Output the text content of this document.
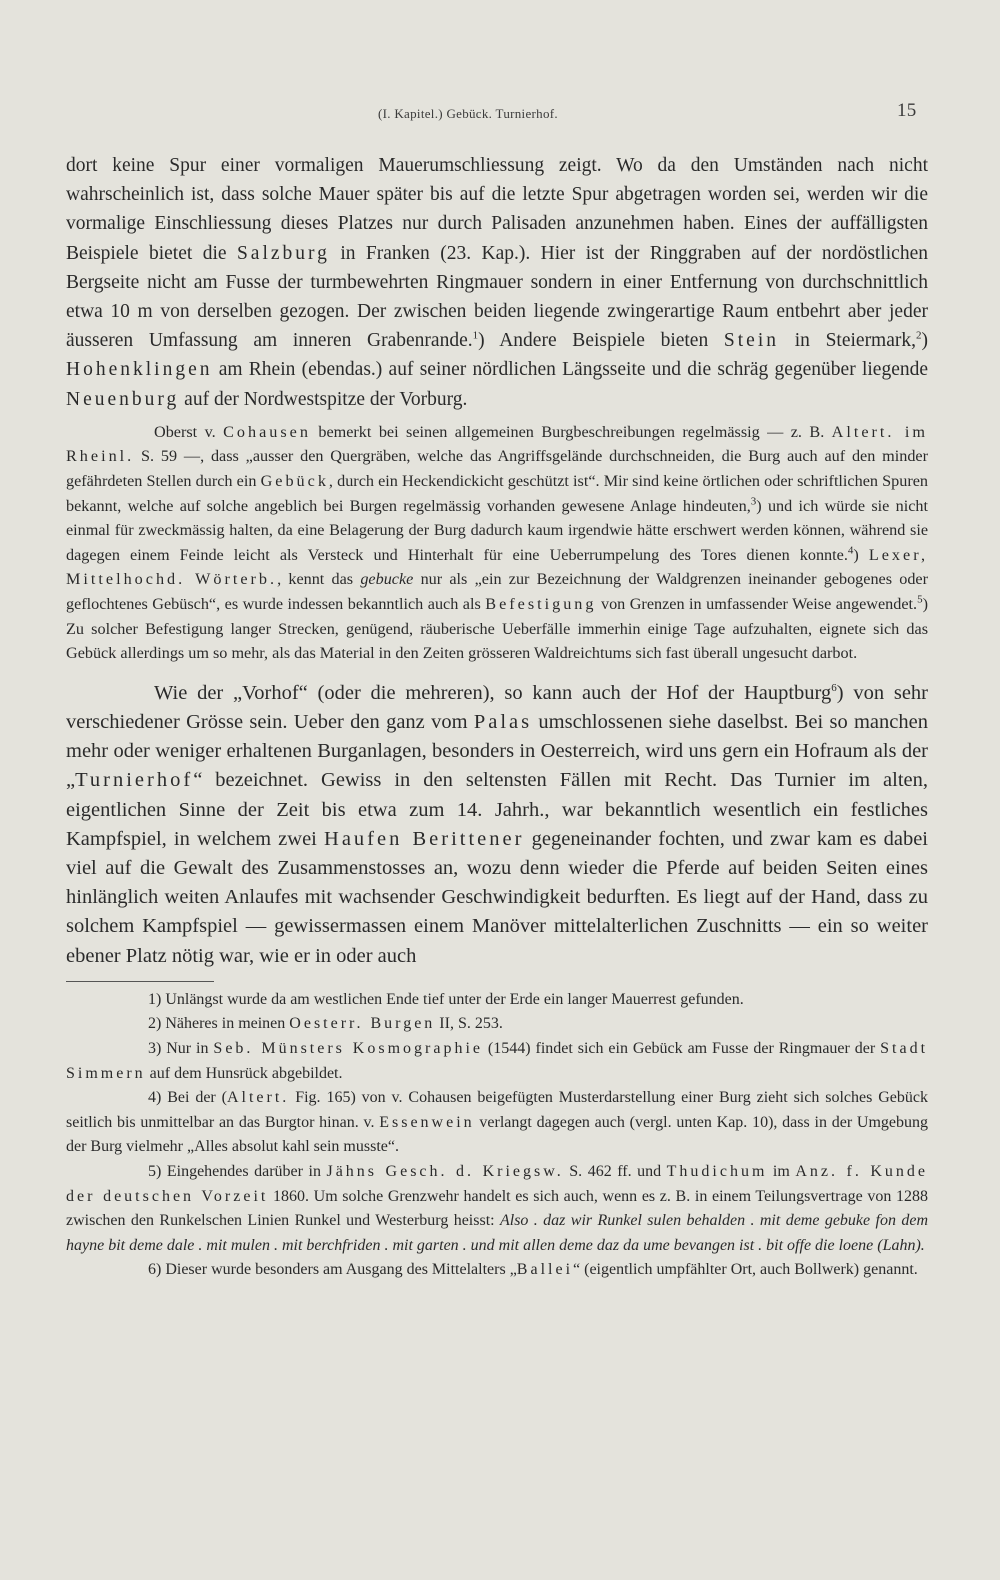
(I. Kapitel.) Gebück. Turnierhof.	15

dort keine Spur einer vormaligen Mauerumschliessung zeigt. Wo da den Umständen nach nicht wahrscheinlich ist, dass solche Mauer später bis auf die letzte Spur abgetragen worden sei, werden wir die vormalige Einschliessung dieses Platzes nur durch Palisaden anzunehmen haben. Eines der auffälligsten Beispiele bietet die Salzburg in Franken (23. Kap.). Hier ist der Ringgraben auf der nordöstlichen Bergseite nicht am Fusse der turmbewehrten Ringmauer sondern in einer Entfernung von durchschnittlich etwa 10 m von derselben gezogen. Der zwischen beiden liegende zwingerartige Raum entbehrt aber jeder äusseren Umfassung am inneren Grabenrande.$^1$) Andere Beispiele bieten Stein in Steiermark,$^2$) Hohenklingen am Rhein (ebendas.) auf seiner nördlichen Längsseite und die schräg gegenüber liegende Neuenburg auf der Nordwestspitze der Vorburg.

Oberst v. Cohausen bemerkt bei seinen allgemeinen Burgbeschreibungen regelmässig — z. B. Altert. im Rheinl. S. 59 —, dass „ausser den Quergräben, welche das Angriffsgelände durchschneiden, die Burg auch auf den minder gefährdeten Stellen durch ein Gebück, durch ein Heckendickicht geschützt ist“. Mir sind keine örtlichen oder schriftlichen Spuren bekannt, welche auf solche angeblich bei Burgen regelmässig vorhanden gewesene Anlage hindeuten,$^3$) und ich würde sie nicht einmal für zweckmässig halten, da eine Belagerung der Burg dadurch kaum irgendwie hätte erschwert werden können, während sie dagegen einem Feinde leicht als Versteck und Hinterhalt für eine Ueberrumpelung des Tores dienen konnte.$^4$) Lexer, Mittelhochd. Wörterb., kennt das gebucke nur als „ein zur Bezeichnung der Waldgrenzen ineinander gebogenes oder geflochtenes Gebüsch“, es wurde indessen bekanntlich auch als Befestigung von Grenzen in umfassender Weise angewendet.$^5$) Zu solcher Befestigung langer Strecken, genügend, räuberische Ueberfälle immerhin einige Tage aufzuhalten, eignete sich das Gebück allerdings um so mehr, als das Material in den Zeiten grösseren Waldreichtums sich fast überall ungesucht darbot.

Wie der „Vorhof“ (oder die mehreren), so kann auch der Hof der Hauptburg$^6$) von sehr verschiedener Grösse sein. Ueber den ganz vom Palas umschlossenen siehe daselbst. Bei so manchen mehr oder weniger erhaltenen Burganlagen, besonders in Oesterreich, wird uns gern ein Hofraum als der „Turnierhof“ bezeichnet. Gewiss in den seltensten Fällen mit Recht. Das Turnier im alten, eigentlichen Sinne der Zeit bis etwa zum 14. Jahrh., war bekanntlich wesentlich ein festliches Kampfspiel, in welchem zwei Haufen Berittener gegeneinander fochten, und zwar kam es dabei viel auf die Gewalt des Zusammenstosses an, wozu denn wieder die Pferde auf beiden Seiten eines hinlänglich weiten Anlaufes mit wachsender Geschwindigkeit bedurften. Es liegt auf der Hand, dass zu solchem Kampfspiel — gewissermassen einem Manöver mittelalterlichen Zuschnitts — ein so weiter ebener Platz nötig war, wie er in oder auch

1) Unlängst wurde da am westlichen Ende tief unter der Erde ein langer Mauerrest gefunden.

2) Näheres in meinen Oesterr. Burgen II, S. 253.

3) Nur in Seb. Münsters Kosmographie (1544) findet sich ein Gebück am Fusse der Ringmauer der Stadt Simmern auf dem Hunsrück abgebildet.

4) Bei der (Altert. Fig. 165) von v. Cohausen beigefügten Musterdarstellung einer Burg zieht sich solches Gebück seitlich bis unmittelbar an das Burgtor hinan. v. Essenwein verlangt dagegen auch (vergl. unten Kap. 10), dass in der Umgebung der Burg vielmehr „Alles absolut kahl sein musste“.

5) Eingehendes darüber in Jähns Gesch. d. Kriegsw. S. 462 ff. und Thudichum im Anz. f. Kunde der deutschen Vorzeit 1860. Um solche Grenzwehr handelt es sich auch, wenn es z. B. in einem Teilungsvertrage von 1288 zwischen den Runkelschen Linien Runkel und Westerburg heisst: Also . daz wir Runkel sulen behalden . mit deme gebuke fon dem hayne bit deme dale . mit mulen . mit berchfriden . mit garten . und mit allen deme daz da ume bevangen ist . bit offe die loene (Lahn).

6) Dieser wurde besonders am Ausgang des Mittelalters „Ballei“ (eigentlich umpfählter Ort, auch Bollwerk) genannt.
